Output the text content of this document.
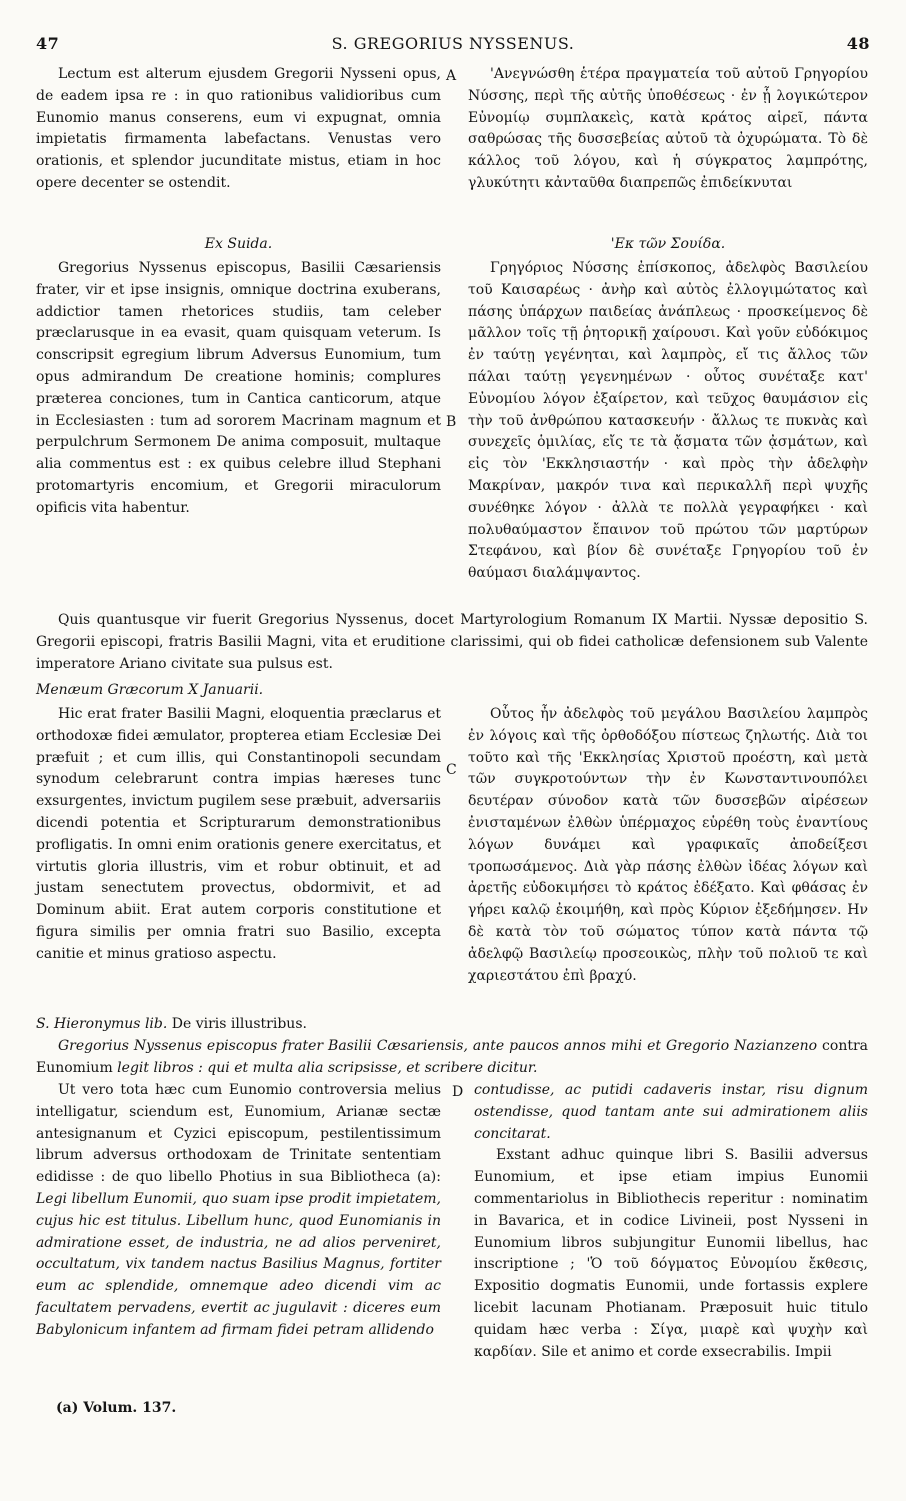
47	S. GREGORIUS NYSSENUS.	48

Lectum est alterum ejusdem Gregorii Nysseni opus, de eadem ipsa re : in quo rationibus validioribus cum Eunomio manus conserens, eum vi expugnat, omnia impietatis firmamenta labefactans. Venustas vero orationis, et splendor jucunditate mistus, etiam in hoc opere decenter se ostendit.

'Ανεγνώσθη ἑτέρα πραγματεία τοῦ αὐτοῦ Γρηγορίου Νύσσης, περὶ τῆς αὐτῆς ὑποθέσεως · ἐν ᾗ λογικώτερον Εὐνομίῳ συμπλακεὶς, κατὰ κράτος αἱρεῖ, πάντα σαθρώσας τῆς δυσσεβείας αὐτοῦ τὰ ὀχυρώματα. Τὸ δὲ κάλλος τοῦ λόγου, καὶ ἡ σύγκρατος λαμπρότης, γλυκύτητι κἀνταῦθα διαπρεπῶς ἐπιδείκνυται

A
Ex Suida.	'Εκ τῶν Σουίδα.

Gregorius Nyssenus episcopus, Basilii Cæsariensis frater, vir et ipse insignis, omnique doctrina exuberans, addictior tamen rhetorices studiis, tam celeber præclarusque in ea evasit, quam quisquam veterum. Is conscripsit egregium librum Adversus Eunomium, tum opus admirandum De creatione hominis; complures præterea conciones, tum in Cantica canticorum, atque in Ecclesiasten : tum ad sororem Macrinam magnum et perpulchrum Sermonem De anima composuit, multaque alia commentus est : ex quibus celebre illud Stephani protomartyris encomium, et Gregorii miraculorum opificis vita habentur.

Γρηγόριος Νύσσης ἐπίσκοπος, ἀδελφὸς Βασιλείου τοῦ Καισαρέως · ἀνὴρ καὶ αὐτὸς ἐλλογιμώτατος καὶ πάσης ὑπάρχων παιδείας ἀνάπλεως · προσκείμενος δὲ μᾶλλον τοῖς τῇ ῥητορικῇ χαίρουσι. Καὶ γοῦν εὐδόκιμος ἐν ταύτῃ γεγένηται, καὶ λαμπρὸς, εἴ τις ἄλλος τῶν πάλαι ταύτῃ γεγενημένων · οὗτος συνέταξε κατ' Εὐνομίου λόγον ἐξαίρετον, καὶ τεῦχος θαυμάσιον εἰς τὴν τοῦ ἀνθρώπου κατασκευήν · ἄλλως τε πυκνὰς καὶ συνεχεῖς ὁμιλίας, εἴς τε τὰ ᾄσματα τῶν ᾀσμάτων, καὶ εἰς τὸν 'Εκκλησιαστήν · καὶ πρὸς τὴν ἀδελφὴν Μακρίναν, μακρόν τινα καὶ περικαλλῆ περὶ ψυχῆς συνέθηκε λόγον · ἀλλὰ τε πολλὰ γεγραφήκει · καὶ πολυθαύμαστον ἔπαινον τοῦ πρώτου τῶν μαρτύρων Στεφάνου, καὶ βίον δὲ συνέταξε Γρηγορίου τοῦ ἐν θαύμασι διαλάμψαντος.

B

Quis quantusque vir fuerit Gregorius Nyssenus, docet Martyrologium Romanum IX Martii. Nyssæ depositio S. Gregorii episcopi, fratris Basilii Magni, vita et eruditione clarissimi, qui ob fidei catholicæ defensionem sub Valente imperatore Ariano civitate sua pulsus est.

Menæum Græcorum X Januarii.

Hic erat frater Basilii Magni, eloquentia præclarus et orthodoxæ fidei æmulator, propterea etiam Ecclesiæ Dei præfuit ; et cum illis, qui Constantinopoli secundam synodum celebrarunt contra impias hæreses tunc exsurgentes, invictum pugilem sese præbuit, adversariis dicendi potentia et Scripturarum demonstrationibus profligatis. In omni enim orationis genere exercitatus, et virtutis gloria illustris, vim et robur obtinuit, et ad justam senectutem provectus, obdormivit, et ad Dominum abiit. Erat autem corporis constitutione et figura similis per omnia fratri suo Basilio, excepta canitie et minus gratioso aspectu.

Οὗτος ἦν ἀδελφὸς τοῦ μεγάλου Βασιλείου λαμπρὸς ἐν λόγοις καὶ τῆς ὀρθοδόξου πίστεως ζηλωτής. Διὰ τοι τοῦτο καὶ τῆς 'Εκκλησίας Χριστοῦ προέστη, καὶ μετὰ τῶν συγκροτούντων τὴν ἐν Κωνσταντινουπόλει δευτέραν σύνοδον κατὰ τῶν δυσσεβῶν αἱρέσεων ἐνισταμένων ἐλθὼν ὑπέρμαχος εὑρέθη τοὺς ἐναντίους λόγων δυνάμει καὶ γραφικαῖς ἀποδείξεσι τροπωσάμενος. Διὰ γὰρ πάσης ἐλθὼν ἰδέας λόγων καὶ ἀρετῆς εὐδοκιμήσει τὸ κράτος ἐδέξατο. Καὶ φθάσας ἐν γήρει καλῷ ἐκοιμήθη, καὶ πρὸς Κύριον ἐξεδήμησεν. Ην δὲ κατὰ τὸν τοῦ σώματος τύπον κατὰ πάντα τῷ ἀδελφῷ Βασιλείῳ προσεοικὼς, πλὴν τοῦ πολιοῦ τε καὶ χαριεστάτου ἐπὶ βραχύ.

C
S. Hieronymus lib. De viris illustribus.

Gregorius Nyssenus episcopus frater Basilii Cæsariensis, ante paucos annos mihi et Gregorio Nazianzeno contra Eunomium legit libros : qui et multa alia scripsisse, et scribere dicitur.

Ut vero tota hæc cum Eunomio controversia melius intelligatur, sciendum est, Eunomium, Arianæ sectæ antesignanum et Cyzici episcopum, pestilentissimum librum adversus orthodoxam de Trinitate sententiam edidisse : de quo libello Photius in sua Bibliotheca (a): Legi libellum Eunomii, quo suam ipse prodit impietatem, cujus hic est titulus. Libellum hunc, quod Eunomianis in admiratione esset, de industria, ne ad alios perveniret, occultatum, vix tandem nactus Basilius Magnus, fortiter eum ac splendide, omnemque adeo dicendi vim ac facultatem pervadens, evertit ac jugulavit : diceres eum Babylonicum infantem ad firmam fidei petram allidendo

D contudisse, ac putidi cadaveris instar, risu dignum ostendisse, quod tantam ante sui admirationem aliis concitarat.

Exstant adhuc quinque libri S. Basilii adversus Eunomium, et ipse etiam impius Eunomii commentariolus in Bibliothecis reperitur : nominatim in Bavarica, et in codice Livineii, post Nysseni in Eunomium libros subjungitur Eunomii libellus, hac inscriptione ; 'Ὁ τοῦ δόγματος Εὐνομίου ἔκθεσις, Expositio dogmatis Eunomii, unde fortassis explere licebit lacunam Photianam. Præposuit huic titulo quidam hæc verba : Σίγα, μιαρὲ καὶ ψυχὴν καὶ καρδίαν. Sile et animo et corde exsecrabilis. Impii

(a) Volum. 137.
